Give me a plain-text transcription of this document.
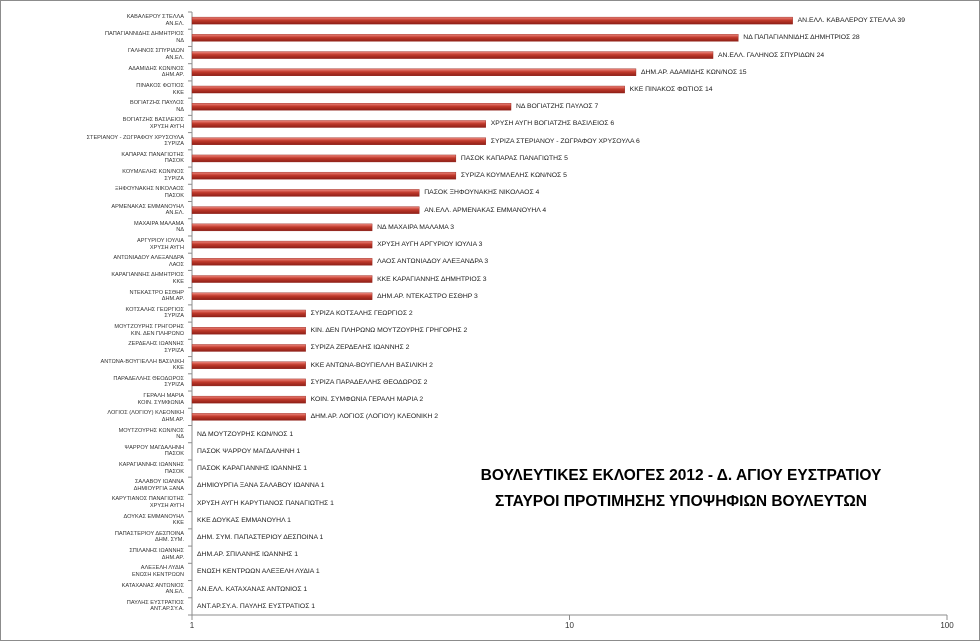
1	10	100
ΑΝ.ΕΛΛ. ΚΑΒΑΛΕΡΟΥ ΣΤΕΛΛΑ 39
ΚΑΒΑΛΕΡΟΥ ΣΤΕΛΛΑ
ΑΝ.ΕΛ.
ΝΔ ΠΑΠΑΓΙΑΝΝΙΔΗΣ ΔΗΜΗΤΡΙΟΣ 28
ΠΑΠΑΓΙΑΝΝΙΔΗΣ ΔΗΜΗΤΡΙΟΣ
ΝΔ
ΑΝ.ΕΛΛ. ΓΑΛΗΝΟΣ ΣΠΥΡΙΔΩΝ 24
ΓΑΛΗΝΟΣ ΣΠΥΡΙΔΩΝ
ΑΝ.ΕΛ.
ΔΗΜ.ΑΡ. ΑΔΑΜΙΔΗΣ ΚΩΝ/ΝΟΣ 15
ΑΔΑΜΙΔΗΣ ΚΩΝ/ΝΟΣ
ΔΗΜ.ΑΡ.
ΚΚΕ ΠΙΝΑΚΟΣ ΦΩΤΙΟΣ 14
ΠΙΝΑΚΟΣ ΦΩΤΙΟΣ
ΚΚΕ
ΝΔ ΒΟΓΙΑΤΖΗΣ ΠΑΥΛΟΣ 7
ΒΟΓΙΑΤΖΗΣ ΠΑΥΛΟΣ
ΝΔ
ΧΡΥΣΗ ΑΥΓΗ ΒΟΓΙΑΤΖΗΣ ΒΑΣΙΛΕΙΟΣ 6
ΒΟΓΙΑΤΖΗΣ ΒΑΣΙΛΕΙΟΣ
ΧΡΥΣΗ ΑΥΓΗ
ΣΥΡΙΖΑ ΣΤΕΡΙΑΝΟΥ - ΖΩΓΡΑΦΟΥ ΧΡΥΣΟΥΛΑ 6
ΣΤΕΡΙΑΝΟΥ - ΖΩΓΡΑΦΟΥ ΧΡΥΣΟΥΛΑ
ΣΥΡΙΖΑ
ΠΑΣΟΚ ΚΑΠΑΡΑΣ ΠΑΝΑΓΙΩΤΗΣ 5
ΚΑΠΑΡΑΣ ΠΑΝΑΓΙΩΤΗΣ
ΠΑΣΟΚ
ΣΥΡΙΖΑ ΚΟΥΜΛΕΛΗΣ ΚΩΝ/ΝΟΣ 5
ΚΟΥΜΛΕΛΗΣ ΚΩΝ/ΝΟΣ
ΣΥΡΙΖΑ
ΠΑΣΟΚ ΞΗΦΟΥΝΑΚΗΣ ΝΙΚΟΛΑΟΣ 4
ΞΗΦΟΥΝΑΚΗΣ ΝΙΚΟΛΑΟΣ
ΠΑΣΟΚ
ΑΝ.ΕΛΛ. ΑΡΜΕΝΑΚΑΣ ΕΜΜΑΝΟΥΗΛ 4
ΑΡΜΕΝΑΚΑΣ ΕΜΜΑΝΟΥΗΛ
ΑΝ.ΕΛ.
ΝΔ ΜΑΧΑΙΡΑ ΜΑΛΑΜΑ 3
ΜΑΧΑΙΡΑ ΜΑΛΑΜΑ
ΝΔ
ΧΡΥΣΗ ΑΥΓΗ ΑΡΓΥΡΙΟΥ ΙΟΥΛΙΑ 3
ΑΡΓΥΡΙΟΥ ΙΟΥΛΙΑ
ΧΡΥΣΗ ΑΥΓΗ
ΛΑΟΣ ΑΝΤΩΝΙΑΔΟΥ ΑΛΕΞΑΝΔΡΑ 3
ΑΝΤΩΝΙΑΔΟΥ ΑΛΕΞΑΝΔΡΑ
ΛΑΟΣ
ΚΚΕ ΚΑΡΑΓΙΑΝΝΗΣ ΔΗΜΗΤΡΙΟΣ 3
ΚΑΡΑΓΙΑΝΝΗΣ ΔΗΜΗΤΡΙΟΣ
ΚΚΕ
ΔΗΜ.ΑΡ. ΝΤΕΚΑΣΤΡΟ ΕΣΘΗΡ 3
ΝΤΕΚΑΣΤΡΟ ΕΣΘΗΡ
ΔΗΜ.ΑΡ.
ΣΥΡΙΖΑ ΚΟΤΣΑΛΗΣ ΓΕΩΡΓΙΟΣ 2
ΚΟΤΣΑΛΗΣ ΓΕΩΡΓΙΟΣ
ΣΥΡΙΖΑ
ΚΙΝ. ΔΕΝ ΠΛΗΡΩΝΩ ΜΟΥΤΖΟΥΡΗΣ ΓΡΗΓΟΡΗΣ 2
ΜΟΥΤΖΟΥΡΗΣ ΓΡΗΓΟΡΗΣ
ΚΙΝ. ΔΕΝ ΠΛΗΡΩΝΩ
ΣΥΡΙΖΑ ΖΕΡΔΕΛΗΣ ΙΩΑΝΝΗΣ 2
ΖΕΡΔΕΛΗΣ ΙΩΑΝΝΗΣ
ΣΥΡΙΖΑ
ΚΚΕ ΑΝΤΩΝΑ-ΒΟΥΓΙΕΛΛΗ ΒΑΣΙΛΙΚΗ 2
ΑΝΤΩΝΑ-ΒΟΥΓΙΕΛΛΗ ΒΑΣΙΛΙΚΗ
ΚΚΕ
ΣΥΡΙΖΑ ΠΑΡΑΔΕΛΛΗΣ ΘΕΟΔΩΡΟΣ 2
ΠΑΡΑΔΕΛΛΗΣ ΘΕΟΔΩΡΟΣ
ΣΥΡΙΖΑ
ΚΟΙΝ. ΣΥΜΦΩΝΙΑ ΓΕΡΑΛΗ ΜΑΡΙΑ 2
ΓΕΡΑΛΗ ΜΑΡΙΑ
ΚΟΙΝ. ΣΥΜΦΩΝΙΑ
ΔΗΜ.ΑΡ. ΛΟΓΙΟΣ (ΛΟΓΙΟΥ) ΚΛΕΟΝΙΚΗ 2
ΛΟΓΙΟΣ (ΛΟΓΙΟΥ) ΚΛΕΟΝΙΚΗ
ΔΗΜ.ΑΡ.
ΝΔ ΜΟΥΤΖΟΥΡΗΣ ΚΩΝ/ΝΟΣ 1
ΜΟΥΤΖΟΥΡΗΣ ΚΩΝ/ΝΟΣ
ΝΔ
ΠΑΣΟΚ ΨΑΡΡΟΥ ΜΑΓΔΑΛΗΝΗ 1
ΨΑΡΡΟΥ ΜΑΓΔΑΛΗΝΗ
ΠΑΣΟΚ
ΠΑΣΟΚ ΚΑΡΑΓΙΑΝΝΗΣ ΙΩΑΝΝΗΣ 1
ΚΑΡΑΓΙΑΝΝΗΣ ΙΩΑΝΝΗΣ
ΠΑΣΟΚ
ΔΗΜΙΟΥΡΓΙΑ ΞΑΝΑ ΣΑΛΑΒΟΥ ΙΩΑΝΝΑ 1
ΣΑΛΑΒΟΥ ΙΩΑΝΝΑ
ΔΗΜΙΟΥΡΓΙΑ ΞΑΝΑ
ΧΡΥΣΗ ΑΥΓΗ ΚΑΡΥΤΙΑΝΟΣ ΠΑΝΑΓΙΩΤΗΣ 1
ΚΑΡΥΤΙΑΝΟΣ ΠΑΝΑΓΙΩΤΗΣ
ΧΡΥΣΗ ΑΥΓΗ
ΚΚΕ ΔΟΥΚΑΣ ΕΜΜΑΝΟΥΗΛ 1
ΔΟΥΚΑΣ ΕΜΜΑΝΟΥΗΛ
ΚΚΕ
ΔΗΜ. ΣΥΜ. ΠΑΠΑΣΤΕΡΙΟΥ ΔΕΣΠΟΙΝΑ 1
ΠΑΠΑΣΤΕΡΙΟΥ ΔΕΣΠΟΙΝΑ
ΔΗΜ. ΣΥΜ.
ΔΗΜ.ΑΡ. ΣΠΙΛΑΝΗΣ ΙΩΑΝΝΗΣ 1
ΣΠΙΛΑΝΗΣ ΙΩΑΝΝΗΣ
ΔΗΜ.ΑΡ.
ΕΝΩΣΗ ΚΕΝΤΡΩΩΝ ΑΛΕΞΕΛΗ ΛΥΔΙΑ 1
ΑΛΕΞΕΛΗ ΛΥΔΙΑ
ΕΝΩΣΗ ΚΕΝΤΡΩΩΝ
ΑΝ.ΕΛΛ. ΚΑΤΑΧΑΝΑΣ ΑΝΤΩΝΙΟΣ 1
ΚΑΤΑΧΑΝΑΣ ΑΝΤΩΝΙΟΣ
ΑΝ.ΕΛ.
ΑΝΤ.ΑΡ.ΣΥ.Α. ΠΑΥΛΗΣ ΕΥΣΤΡΑΤΙΟΣ 1
ΠΑΥΛΗΣ ΕΥΣΤΡΑΤΙΟΣ
ΑΝΤ.ΑΡ.ΣΥ.Α.
ΒΟΥΛΕΥΤΙΚΕΣ ΕΚΛΟΓΕΣ 2012 - Δ. ΑΓΙΟΥ ΕΥΣΤΡΑΤΙΟΥ
ΣΤΑΥΡΟΙ ΠΡΟΤΙΜΗΣΗΣ ΥΠΟΨΗΦΙΩΝ ΒΟΥΛΕΥΤΩΝ
